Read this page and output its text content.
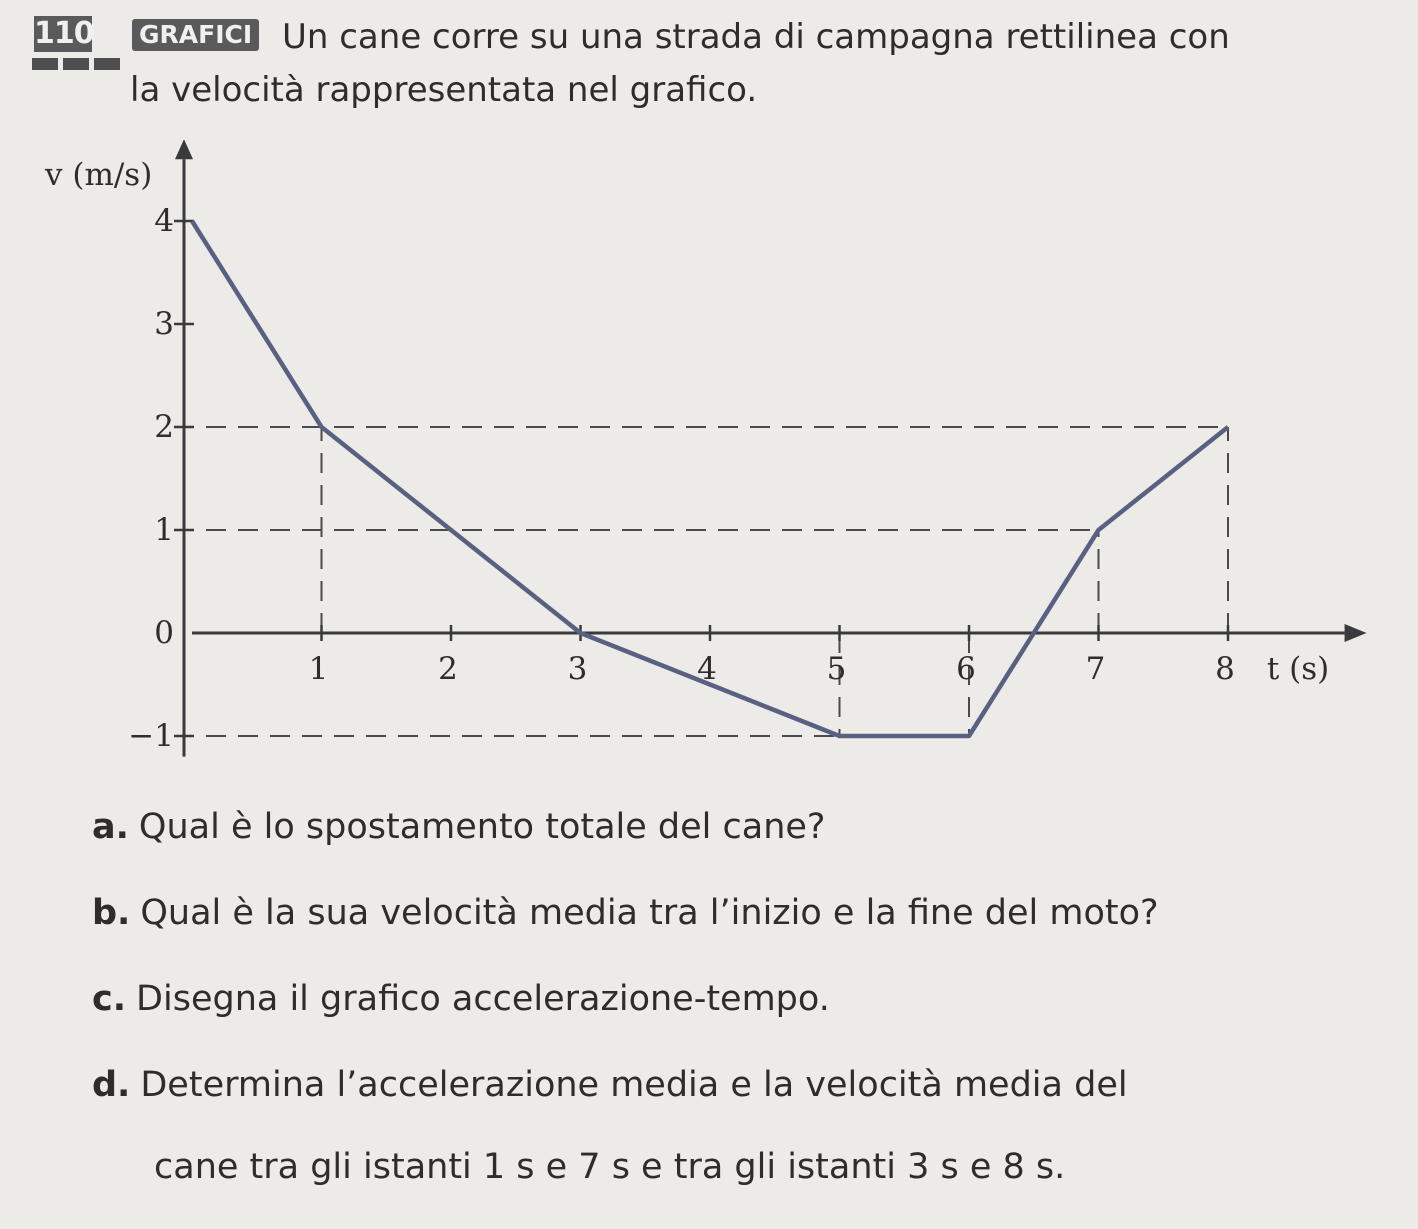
110 GRAFICI Un cane corre su una strada di campagna rettilinea con
la velocità rappresentata nel grafico.
1	2	3	4	5	6	7	8
4
3
2
1
0
−1
v (m/s)
t (s)
a. Qual è lo spostamento totale del cane?
b. Qual è la sua velocità media tra l’inizio e la fine del moto?
c. Disegna il grafico accelerazione-tempo.
d. Determina l’accelerazione media e la velocità media del
cane tra gli istanti 1 s e 7 s e tra gli istanti 3 s e 8 s.
